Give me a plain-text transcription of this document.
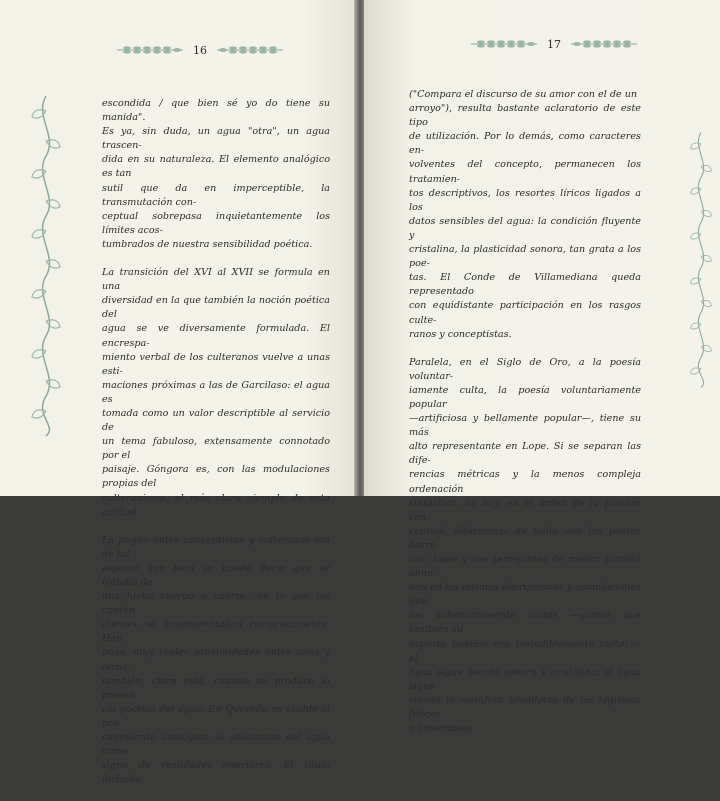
16

escondida / que bien sé yo do tiene su manida".
Es ya, sin duda, un agua "otra", un agua trascen-
dida en su naturaleza. El elemento analógico es tan
sutil que da en imperceptible, la transmutación con-
ceptual sobrepasa inquietantemente los límites acos-
tumbrados de nuestra sensibilidad poética.

La transición del XVI al XVII se formula en una
diversidad en la que también la noción poética del
agua se ve diversamente formulada. El encrespa-
miento verbal de los culteranos vuelve a unas esti-
maciones próximas a las de Garcilaso: el agua es
tomada como un valor descriptible al servicio de
un tema fabuloso, extensamente connotado por el
paisaje. Góngora es, con las modulaciones propias del
culteranismo, el más claro ejemplo de esta actitud.

La pugna entre conceptistas y culteranos era de tal
especie que bien se puede decir que se trataba de
una lucha cuerpo a cuerpo, en la que los conten-
dientes se ensangrentaban recíprocamente. Hay,
pues, muy reales proximidades entre unos y otros,
también, claro está, cuando se produce la presen-
cia poética del agua. En Quevedo es visible el pro-
cedimiento analógico, la utilización del agua como
signo de realidades interiores. El título incluido

17

("Compara el discurso de su amor con el de un
arroyo"), resulta bastante aclaratorio de este tipo
de utilización. Por lo demás, como caracteres en-
volventes del concepto, permanecen los tratamien-
tos descriptivos, los resortes líricos ligados a los
datos sensibles del agua: la condición fluyente y
cristalina, la plasticidad sonora, tan grata a los poe-
tas. El Conde de Villamediana queda representado
con equidistante participación en los rasgos culte-
ranos y conceptistas.

Paralela, en el Siglo de Oro, a la poesía voluntar-
iamente culta, la poesía voluntariamente popular
—artificiosa y bellamente popular—, tiene su más
alto representante en Lope. Si se separan las dife-
rencias métricas y la menos compleja ordenación
sintáctica, no hay, en el orden de la función con-
ceptual, diferencias de bulto con los poetas barro-
cos; Lope y sus semejantes de menor tamaño abun-
dan en las mismas decripciones y asimilaciones que
los voluntariamente cultos —¡como que también su
espíritu poético era ineludiblemente culto!—: el
agua sigue siendo sonora y cristalina; el agua sigue
siendo la metáfora predilecta de las lágrimas felices
o lamentosas.
